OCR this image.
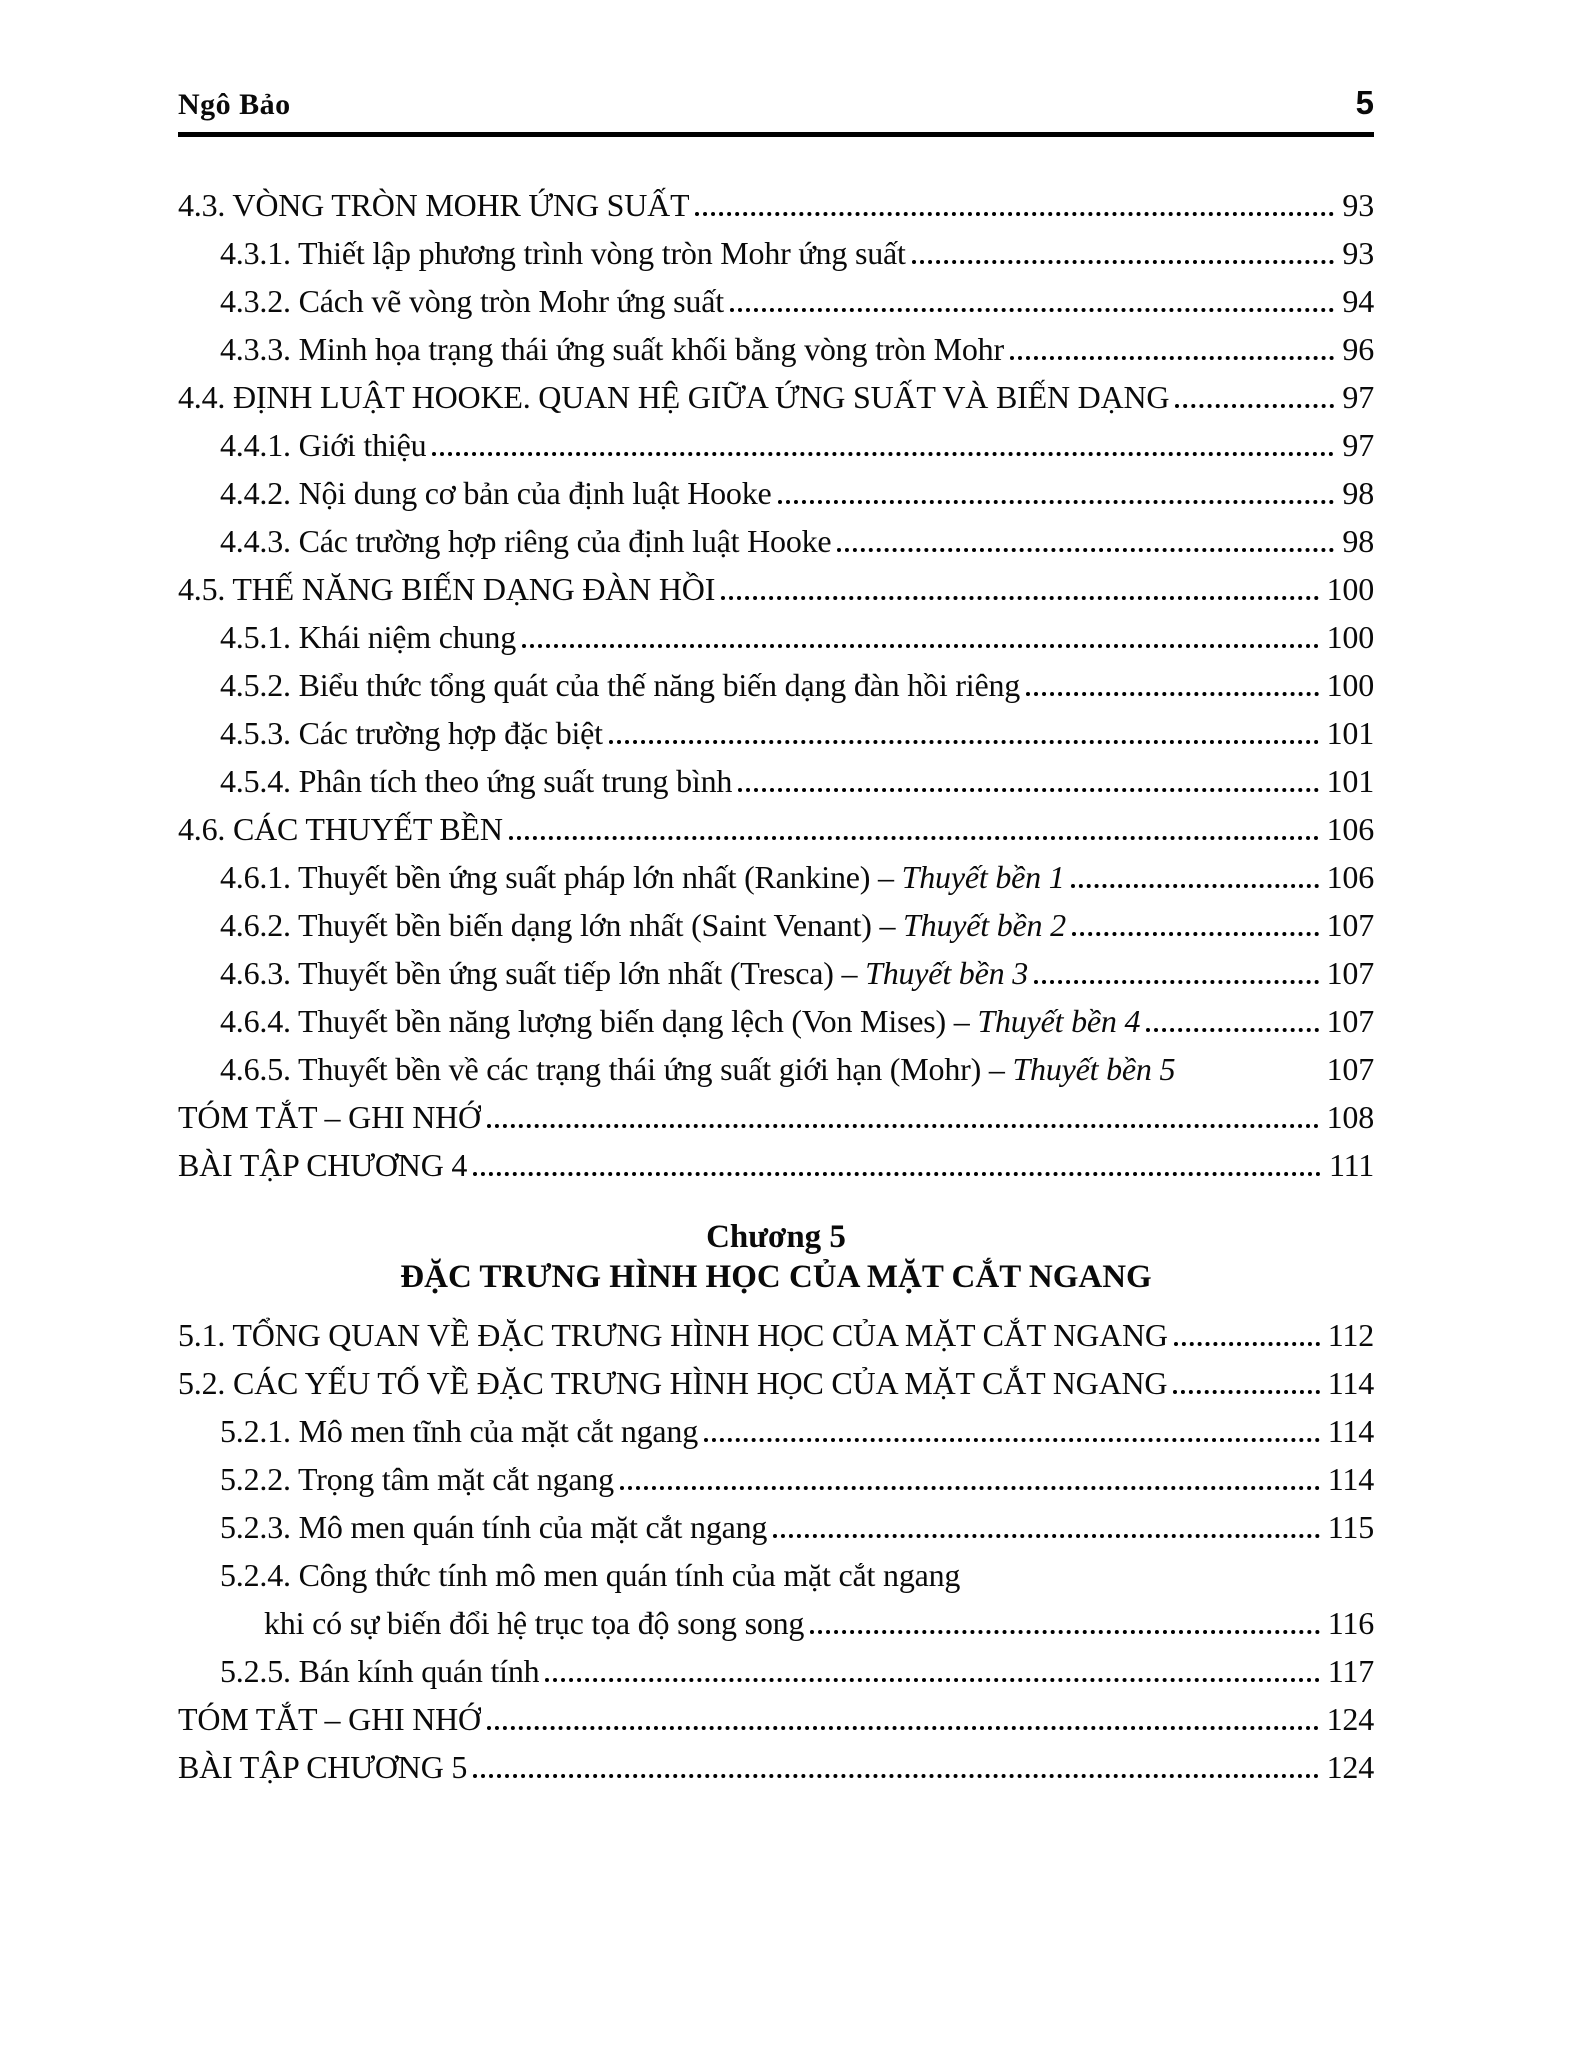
Ngô Bảo	5
4.3. VÒNG TRÒN MOHR ỨNG SUẤT	93
4.3.1. Thiết lập phương trình vòng tròn Mohr ứng suất	93
4.3.2. Cách vẽ vòng tròn Mohr ứng suất	94
4.3.3. Minh họa trạng thái ứng suất khối bằng vòng tròn Mohr	96
4.4. ĐỊNH LUẬT HOOKE. QUAN HỆ GIỮA ỨNG SUẤT VÀ BIẾN DẠNG	97
4.4.1. Giới thiệu	97
4.4.2. Nội dung cơ bản của định luật Hooke	98
4.4.3. Các trường hợp riêng của định luật Hooke	98
4.5. THẾ NĂNG BIẾN DẠNG ĐÀN HỒI	100
4.5.1. Khái niệm chung	100
4.5.2. Biểu thức tổng quát của thế năng biến dạng đàn hồi riêng	100
4.5.3. Các trường hợp đặc biệt	101
4.5.4. Phân tích theo ứng suất trung bình	101
4.6. CÁC THUYẾT BỀN	106
4.6.1. Thuyết bền ứng suất pháp lớn nhất (Rankine) – Thuyết bền 1	106
4.6.2. Thuyết bền biến dạng lớn nhất (Saint Venant) – Thuyết bền 2	107
4.6.3. Thuyết bền ứng suất tiếp lớn nhất (Tresca) – Thuyết bền 3	107
4.6.4. Thuyết bền năng lượng biến dạng lệch (Von Mises) – Thuyết bền 4	107
4.6.5. Thuyết bền về các trạng thái ứng suất giới hạn (Mohr) – Thuyết bền 5	107
TÓM TẮT – GHI NHỚ	108
BÀI TẬP CHƯƠNG 4	111
Chương 5
ĐẶC TRƯNG HÌNH HỌC CỦA MẶT CẮT NGANG
5.1. TỔNG QUAN VỀ ĐẶC TRƯNG HÌNH HỌC CỦA MẶT CẮT NGANG	112
5.2. CÁC YẾU TỐ VỀ ĐẶC TRƯNG HÌNH HỌC CỦA MẶT CẮT NGANG	114
5.2.1. Mô men tĩnh của mặt cắt ngang	114
5.2.2. Trọng tâm mặt cắt ngang	114
5.2.3. Mô men quán tính của mặt cắt ngang	115
5.2.4. Công thức tính mô men quán tính của mặt cắt ngang
khi có sự biến đổi hệ trục tọa độ song song	116
5.2.5. Bán kính quán tính	117
TÓM TẮT – GHI NHỚ	124
BÀI TẬP CHƯƠNG 5	124
